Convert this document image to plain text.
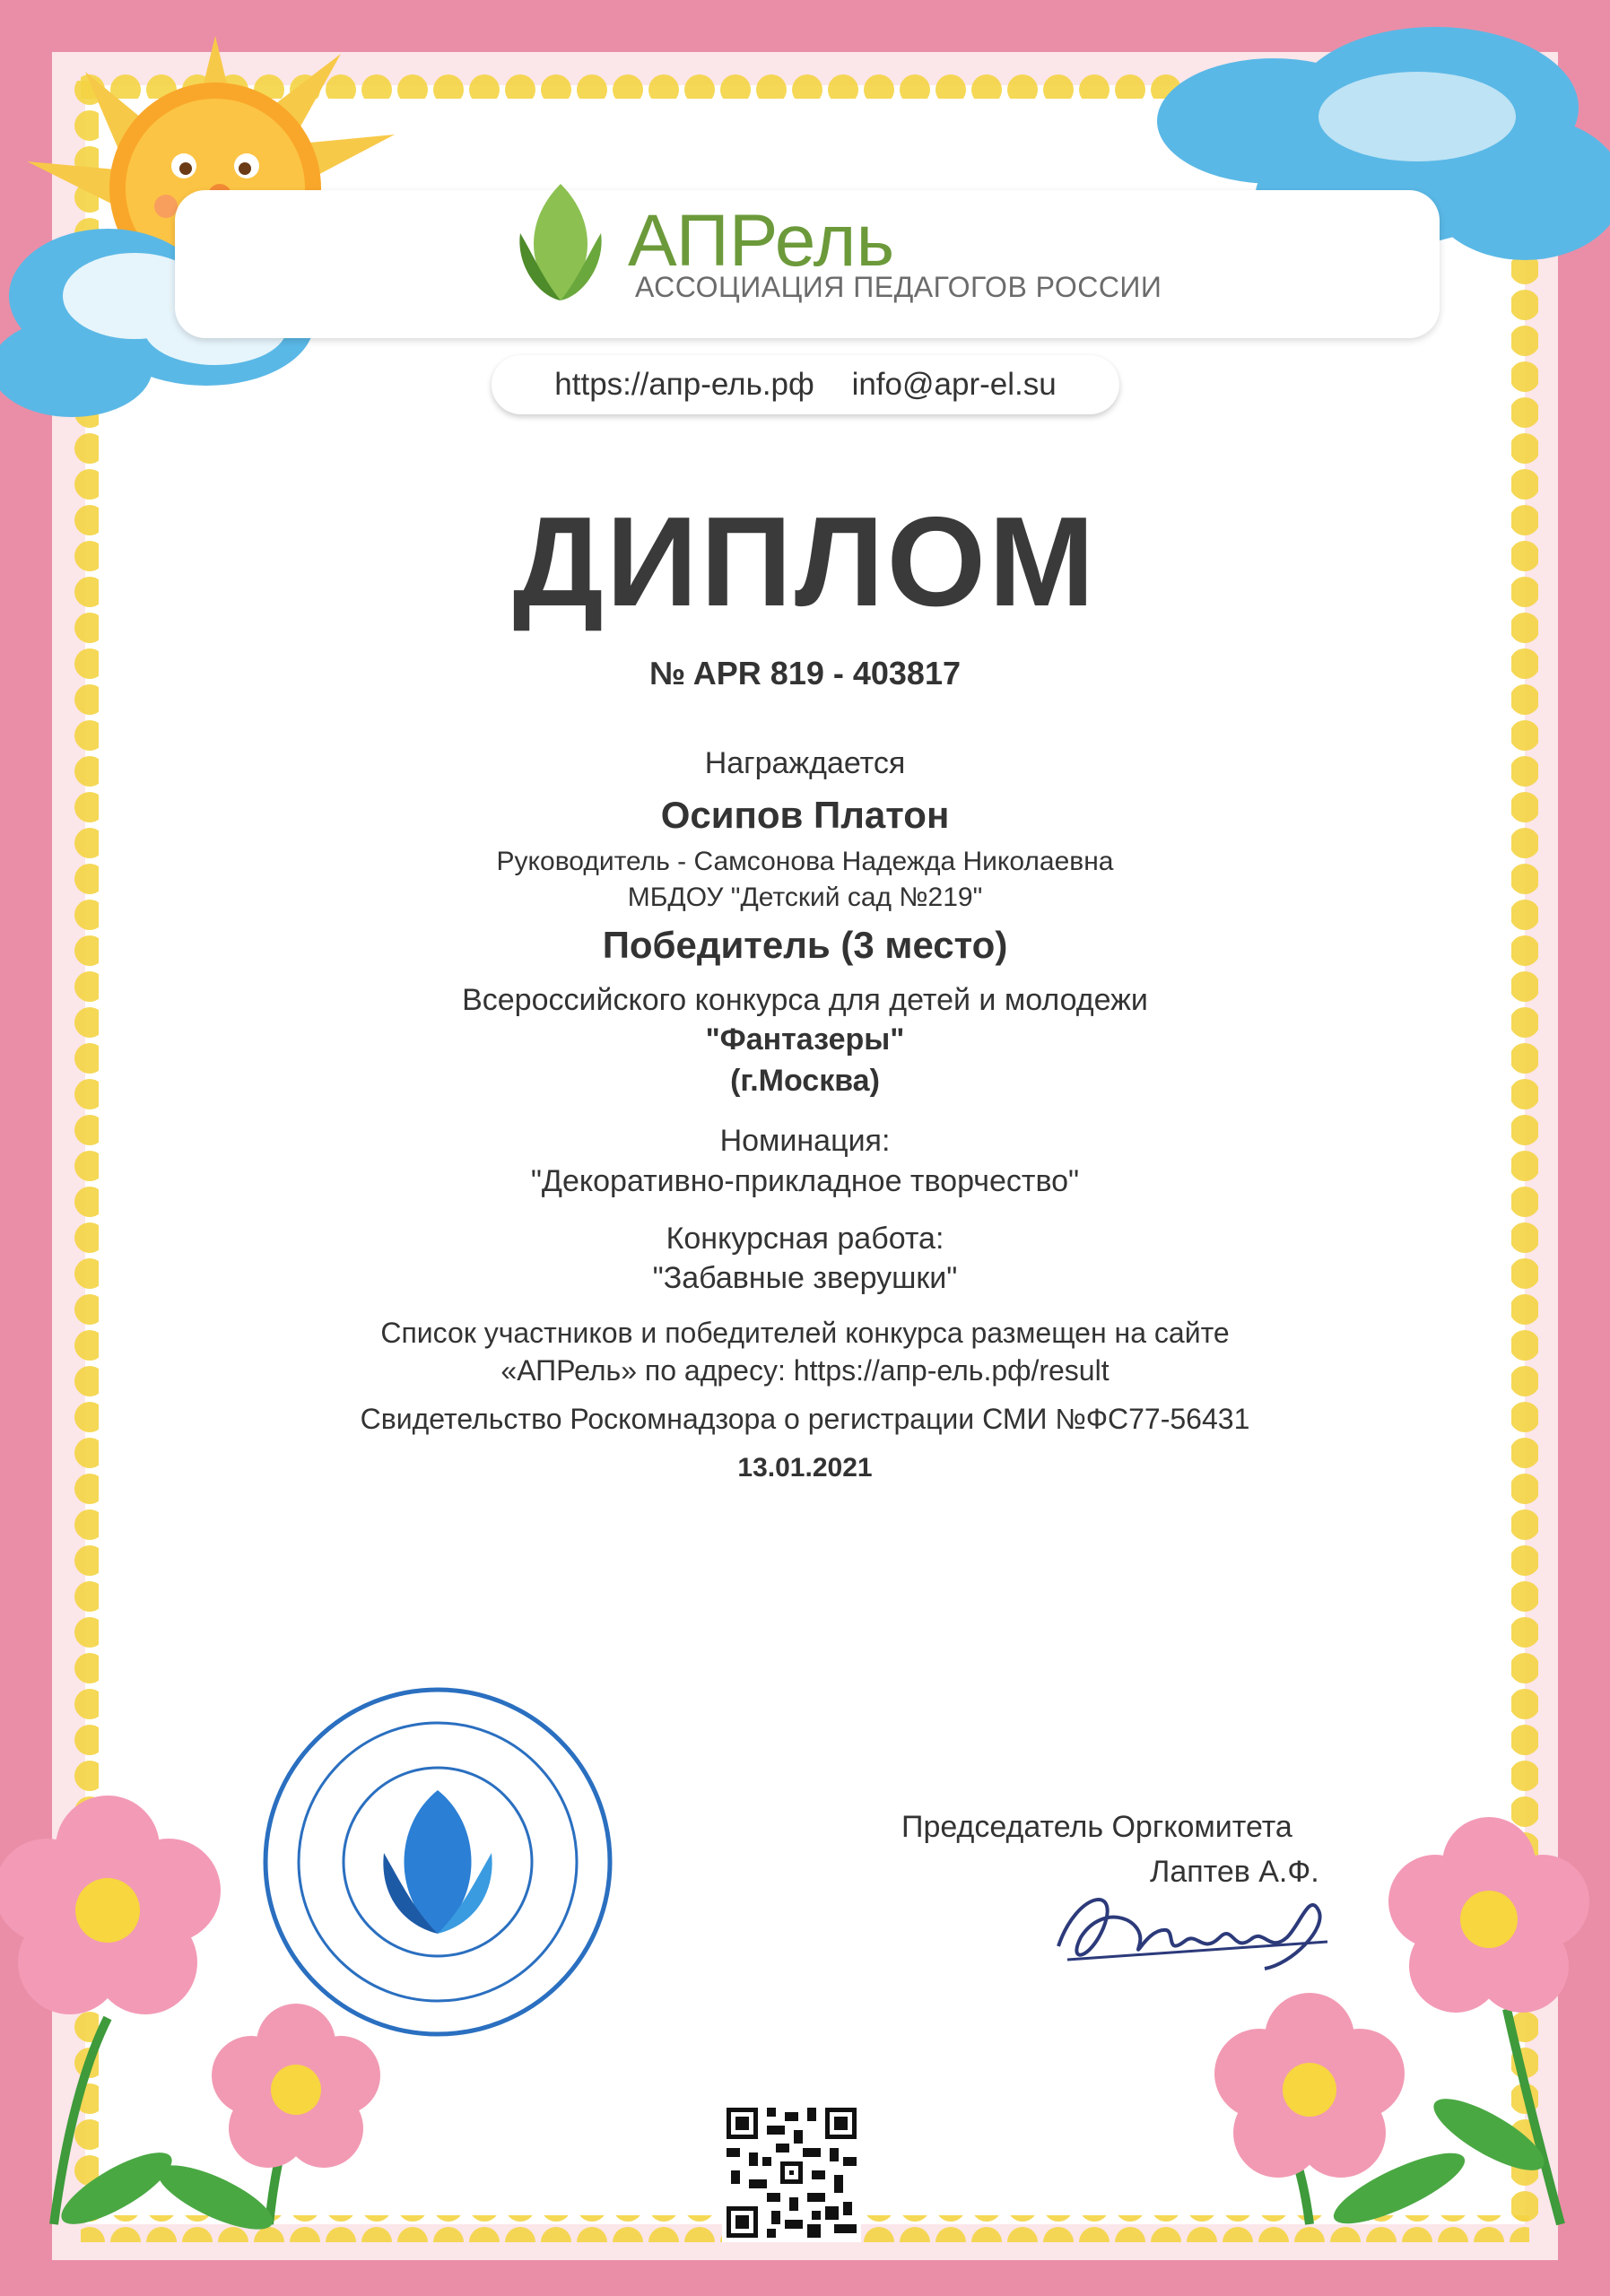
АПРель
АССОЦИАЦИЯ ПЕДАГОГОВ РОССИИ
https://апр-ель.рф info@apr-el.su
ДИПЛОМ
№ APR 819 - 403817
Награждается
Осипов Платон
Руководитель - Самсонова Надежда Николаевна
МБДОУ "Детский сад №219"
Победитель (3 место)
Всероссийского конкурса для детей и молодежи
"Фантазеры"
(г.Москва)
Номинация:
"Декоративно-прикладное творчество"
Конкурсная работа:
"Забавные зверушки"
Список участников и победителей конкурса размещен на сайте
«АПРель» по адресу: https://апр-ель.рф/result
Свидетельство Роскомнадзора о регистрации СМИ №ФС77-56431
13.01.2021
Председатель Оргкомитета
Лаптев А.Ф.
